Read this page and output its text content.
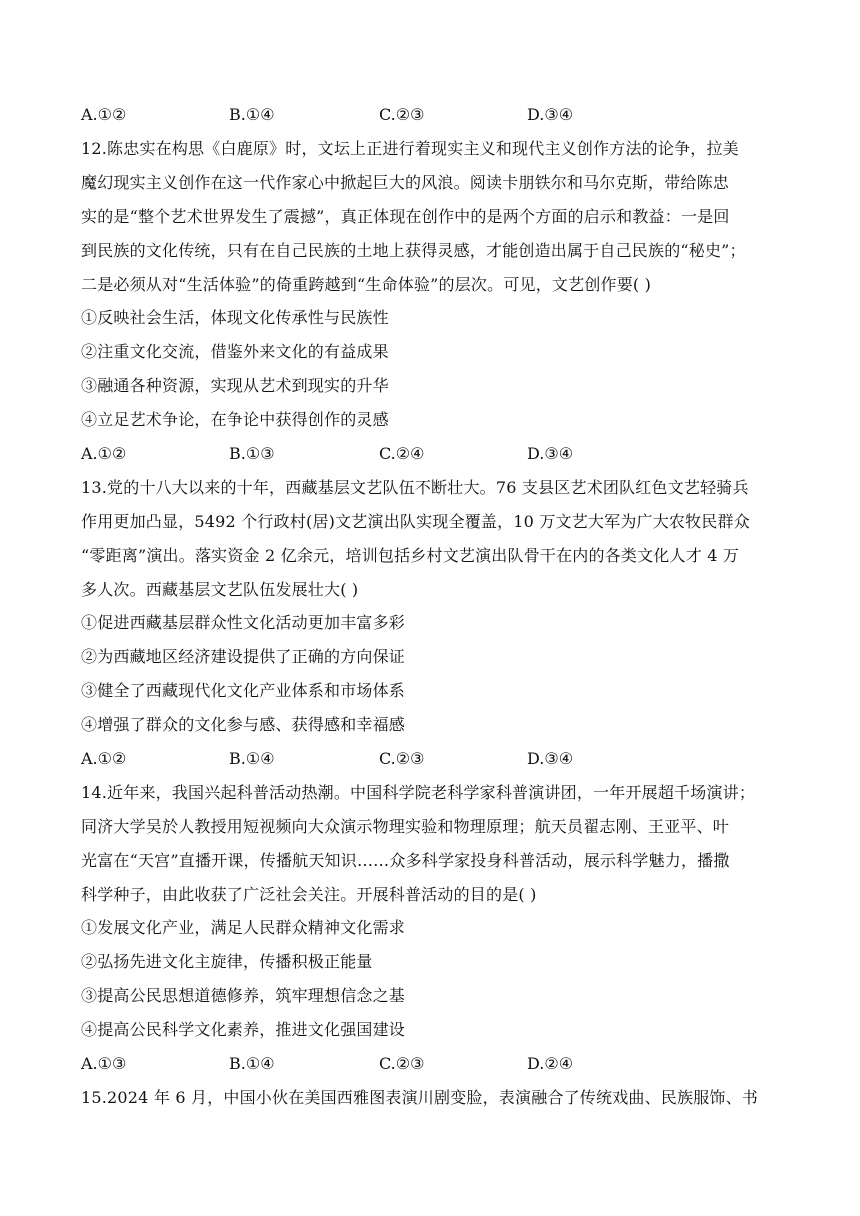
A.①②	B.①④	C.②③	D.③④
12.陈忠实在构思《白鹿原》时，文坛上正进行着现实主义和现代主义创作方法的论争，拉美
魔幻现实主义创作在这一代作家心中掀起巨大的风浪。阅读卡朋铁尔和马尔克斯，带给陈忠
实的是“整个艺术世界发生了震撼”，真正体现在创作中的是两个方面的启示和教益：一是回
到民族的文化传统，只有在自己民族的土地上获得灵感，才能创造出属于自己民族的“秘史”；
二是必须从对“生活体验”的倚重跨越到“生命体验”的层次。可见，文艺创作要( )
①反映社会生活，体现文化传承性与民族性
②注重文化交流，借鉴外来文化的有益成果
③融通各种资源，实现从艺术到现实的升华
④立足艺术争论，在争论中获得创作的灵感
A.①②	B.①③	C.②④	D.③④
13.党的十八大以来的十年，西藏基层文艺队伍不断壮大。76 支县区艺术团队红色文艺轻骑兵
作用更加凸显，5492 个行政村(居)文艺演出队实现全覆盖，10 万文艺大军为广大农牧民群众
“零距离”演出。落实资金 2 亿余元，培训包括乡村文艺演出队骨干在内的各类文化人才 4 万
多人次。西藏基层文艺队伍发展壮大( )
①促进西藏基层群众性文化活动更加丰富多彩
②为西藏地区经济建设提供了正确的方向保证
③健全了西藏现代化文化产业体系和市场体系
④增强了群众的文化参与感、获得感和幸福感
A.①②	B.①④	C.②③	D.③④
14.近年来，我国兴起科普活动热潮。中国科学院老科学家科普演讲团，一年开展超千场演讲；
同济大学吴於人教授用短视频向大众演示物理实验和物理原理；航天员翟志刚、王亚平、叶
光富在“天宫”直播开课，传播航天知识……众多科学家投身科普活动，展示科学魅力，播撒
科学种子，由此收获了广泛社会关注。开展科普活动的目的是( )
①发展文化产业，满足人民群众精神文化需求
②弘扬先进文化主旋律，传播积极正能量
③提高公民思想道德修养，筑牢理想信念之基
④提高公民科学文化素养，推进文化强国建设
A.①③	B.①④	C.②③	D.②④
15.2024 年 6 月，中国小伙在美国西雅图表演川剧变脸，表演融合了传统戏曲、民族服饰、书
